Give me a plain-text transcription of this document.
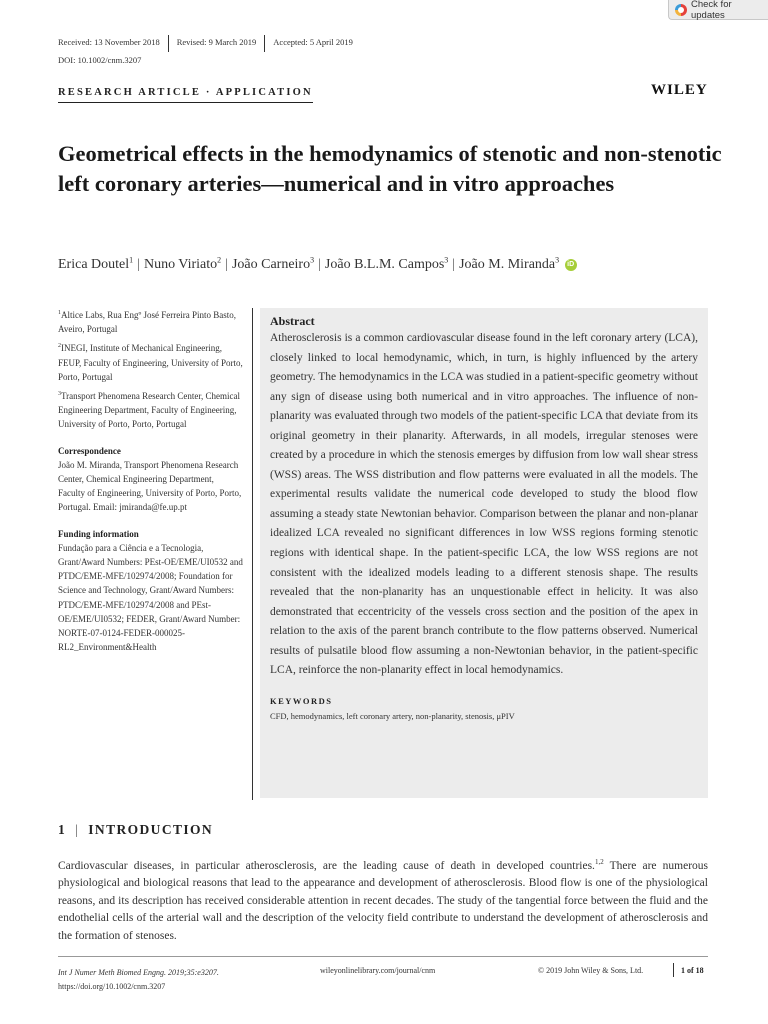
Check for updates
Received: 13 November 2018	Revised: 9 March 2019	Accepted: 5 April 2019
DOI: 10.1002/cnm.3207
RESEARCH ARTICLE · APPLICATION	WILEY
Geometrical effects in the hemodynamics of stenotic and non-stenotic left coronary arteries—numerical and in vitro approaches
Erica Doutel$^1$ | Nuno Viriato$^2$ | João Carneiro$^3$ | João B.L.M. Campos$^3$ | João M. Miranda$^3$ iD
$^1$Altice Labs, Rua Engº José Ferreira Pinto Basto, Aveiro, Portugal
$^2$INEGI, Institute of Mechanical Engineering, FEUP, Faculty of Engineering, University of Porto, Porto, Portugal
$^3$Transport Phenomena Research Center, Chemical Engineering Department, Faculty of Engineering, University of Porto, Porto, Portugal
Correspondence
João M. Miranda, Transport Phenomena Research Center, Chemical Engineering Department, Faculty of Engineering, University of Porto, Porto, Portugal. Email: jmiranda@fe.up.pt
Funding information
Fundação para a Ciência e a Tecnologia, Grant/Award Numbers: PEst-OE/EME/UI0532 and PTDC/EME-MFE/102974/2008; Foundation for Science and Technology, Grant/Award Numbers: PTDC/EME-MFE/102974/2008 and PEst-OE/EME/UI0532; FEDER, Grant/Award Number: NORTE-07-0124-FEDER-000025-RL2_Environment&Health
Abstract
Atherosclerosis is a common cardiovascular disease found in the left coronary artery (LCA), closely linked to local hemodynamic, which, in turn, is highly influenced by the artery geometry. The hemodynamics in the LCA was studied in a patient-specific geometry without any sign of disease using both numerical and in vitro approaches. The influence of non-planarity was evaluated through two models of the patient-specific LCA that deviate from its original geometry in their planarity. Afterwards, in all models, irregular stenoses were created by a procedure in which the stenosis emerges by diffusion from low wall shear stress (WSS) areas. The WSS distribution and flow patterns were evaluated in all the models. The experimental results validate the numerical code developed to study the blood flow assuming a steady state Newtonian behavior. Comparison between the planar and non-planar idealized LCA revealed no significant differences in low WSS regions forming stenotic regions with identical shape. In the patient-specific LCA, the low WSS regions are not consistent with the idealized models leading to a different stenosis shape. The results revealed that the non-planarity has an unquestionable effect in helicity. It was also demonstrated that eccentricity of the vessels cross section and the position of the apex in relation to the axis of the parent branch contribute to the flow patterns observed. Numerical results of pulsatile blood flow assuming a non-Newtonian behavior, in the patient-specific LCA, reinforce the non-planarity effect in local hemodynamics.
KEYWORDS
CFD, hemodynamics, left coronary artery, non-planarity, stenosis, μPIV
1 | INTRODUCTION
Cardiovascular diseases, in particular atherosclerosis, are the leading cause of death in developed countries.$^{1,2}$ There are numerous physiological and biological reasons that lead to the appearance and development of atherosclerosis. Blood flow is one of the physiological reasons, and its description has received considerable attention in recent decades. The study of the tangential force between the fluid and the endothelial cells of the arterial wall and the description of the velocity field contribute to understand the development of atherosclerosis and the formation of stenoses.
Int J Numer Meth Biomed Engng. 2019;35:e3207.
https://doi.org/10.1002/cnm.3207
wileyonlinelibrary.com/journal/cnm	© 2019 John Wiley & Sons, Ltd.	1 of 18
